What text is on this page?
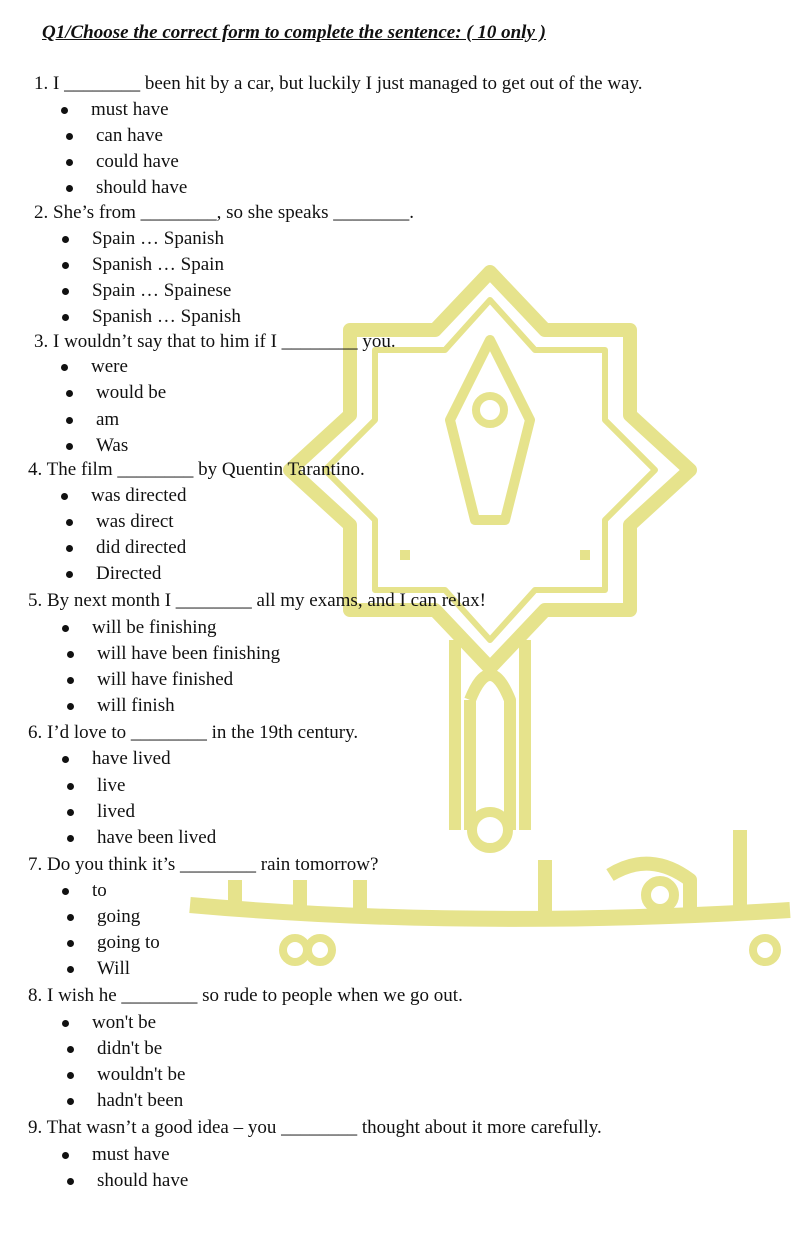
Q1/Choose the correct form to complete the sentence: ( 10 only )
1. I ________ been hit by a car, but luckily I just managed to get out of the way.
must have
can have
could have
should have
2. She’s from ________, so she speaks ________.
Spain … Spanish
Spanish … Spain
Spain … Spainese
Spanish … Spanish
3. I wouldn’t say that to him if I ________ you.
were
would be
am
Was
4. The film ________ by Quentin Tarantino.
was directed
was direct
did directed
Directed
5. By next month I ________ all my exams, and I can relax!
will be finishing
will have been finishing
will have finished
will finish
6. I’d love to ________ in the 19th century.
have lived
live
lived
have been lived
7. Do you think it’s ________ rain tomorrow?
to
going
going to
Will
8. I wish he ________ so rude to people when we go out.
won't be
didn't be
wouldn't be
hadn't been
9. That wasn’t a good idea – you ________ thought about it more carefully.
must have
should have
